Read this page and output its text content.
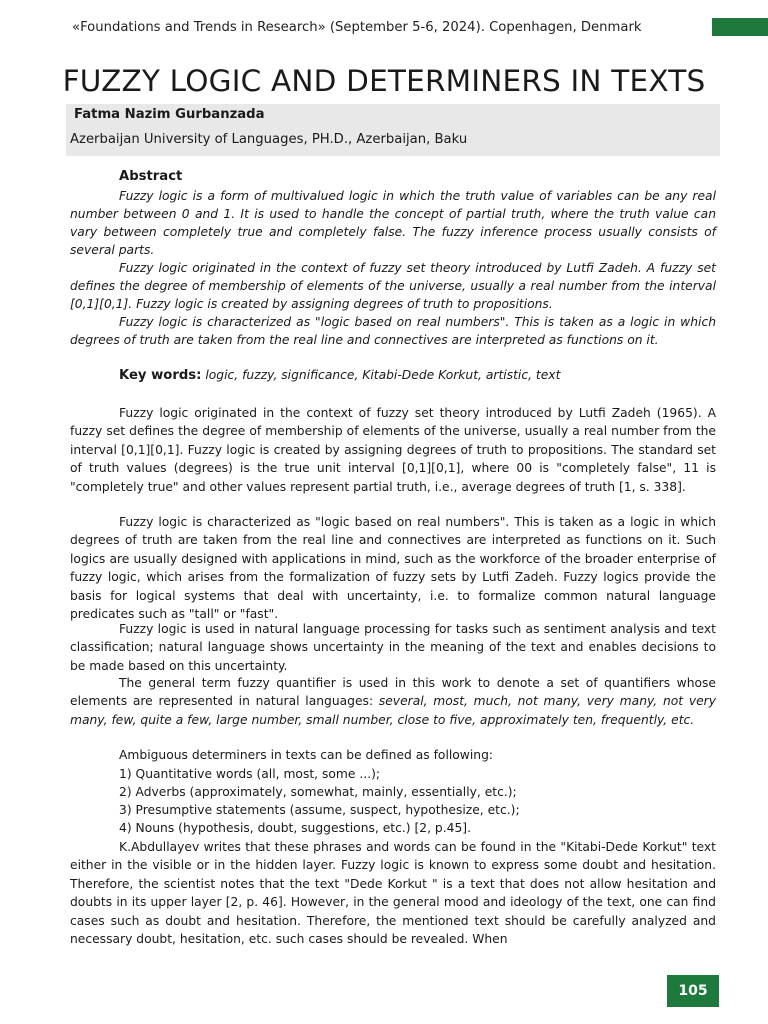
«Foundations and Trends in Research» (September 5-6, 2024). Copenhagen, Denmark
FUZZY LOGIC AND DETERMINERS IN TEXTS
Fatma Nazim Gurbanzada
Azerbaijan University of Languages, PH.D., Azerbaijan, Baku
Abstract

Fuzzy logic is a form of multivalued logic in which the truth value of variables can be any real number between 0 and 1. It is used to handle the concept of partial truth, where the truth value can vary between completely true and completely false. The fuzzy inference process usually consists of several parts.

Fuzzy logic originated in the context of fuzzy set theory introduced by Lutfi Zadeh. A fuzzy set defines the degree of membership of elements of the universe, usually a real number from the interval [0,1][0,1]. Fuzzy logic is created by assigning degrees of truth to propositions.

Fuzzy logic is characterized as "logic based on real numbers". This is taken as a logic in which degrees of truth are taken from the real line and connectives are interpreted as functions on it.

Key words: logic, fuzzy, significance, Kitabi-Dede Korkut, artistic, text

Fuzzy logic originated in the context of fuzzy set theory introduced by Lutfi Zadeh (1965). A fuzzy set defines the degree of membership of elements of the universe, usually a real number from the interval [0,1][0,1]. Fuzzy logic is created by assigning degrees of truth to propositions. The standard set of truth values (degrees) is the true unit interval [0,1][0,1], where 00 is "completely false", 11 is "completely true" and other values represent partial truth, i.e., average degrees of truth [1, s. 338].

Fuzzy logic is characterized as "logic based on real numbers". This is taken as a logic in which degrees of truth are taken from the real line and connectives are interpreted as functions on it. Such logics are usually designed with applications in mind, such as the workforce of the broader enterprise of fuzzy logic, which arises from the formalization of fuzzy sets by Lutfi Zadeh. Fuzzy logics provide the basis for logical systems that deal with uncertainty, i.e. to formalize common natural language predicates such as "tall" or "fast".

Fuzzy logic is used in natural language processing for tasks such as sentiment analysis and text classification; natural language shows uncertainty in the meaning of the text and enables decisions to be made based on this uncertainty.

The general term fuzzy quantifier is used in this work to denote a set of quantifiers whose elements are represented in natural languages: several, most, much, not many, very many, not very many, few, quite a few, large number, small number, close to five, approximately ten, frequently, etc.

Ambiguous determiners in texts can be defined as following:
1) Quantitative words (all, most, some ...);
2) Adverbs (approximately, somewhat, mainly, essentially, etc.);
3) Presumptive statements (assume, suspect, hypothesize, etc.);
4) Nouns (hypothesis, doubt, suggestions, etc.) [2, p.45].

K.Abdullayev writes that these phrases and words can be found in the "Kitabi-Dede Korkut" text either in the visible or in the hidden layer. Fuzzy logic is known to express some doubt and hesitation. Therefore, the scientist notes that the text "Dede Korkut " is a text that does not allow hesitation and doubts in its upper layer [2, p. 46]. However, in the general mood and ideology of the text, one can find cases such as doubt and hesitation. Therefore, the mentioned text should be carefully analyzed and necessary doubt, hesitation, etc. such cases should be revealed. When

105
